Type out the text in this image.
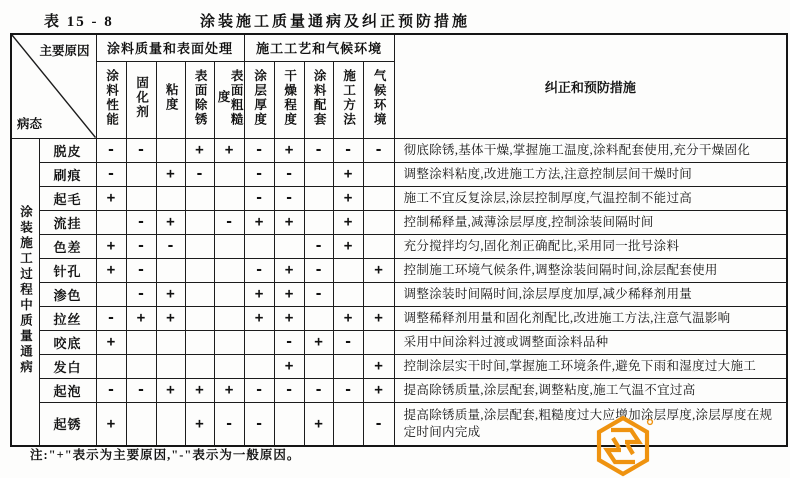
表 15 - 8	涂装施工质量通病及纠正预防措施
主要原因
病态		涂料质量和表面处理					施工工艺和气候环境					纠正和预防措施
		涂料性能	固化剂	粘度	表面除锈	表面粗糙度	涂层厚度	干燥程度	涂料配套	施工方法	气候环境	
涂装施工过程中质量通病	脱皮	-	-		+	+	-	+	-	-	-	彻底除锈,基体干燥,掌握施工温度,涂料配套使用,充分干燥固化
	刷痕	-		+	-		-	-		+		调整涂料粘度,改进施工方法,注意控制层间干燥时间
	起毛	+					-	-		+		施工不宜反复涂层,涂层控制厚度,气温控制不能过高
	流挂		-	+		-	+	+		+		控制稀释量,减薄涂层厚度,控制涂装间隔时间
	色差	+	-	-					-	+		充分搅拌均匀,固化剂正确配比,采用同一批号涂料
	针孔	+	-				-	+	-		+	控制施工环境气候条件,调整涂装间隔时间,涂层配套使用
	渗色		-	+			+	+	-			调整涂装时间隔时间,涂层厚度加厚,减少稀释剂用量
	拉丝	-	+	+			+	+		+	+	调整稀释剂用量和固化剂配比,改进施工方法,注意气温影响
	咬底	+						-	+	-		采用中间涂料过渡或调整面涂料品种
	发白							+			+	控制涂层实干时间,掌握施工环境条件,避免下雨和湿度过大施工
	起泡	-	-	+	+	+	-	-	-	-	+	提高除锈质量,涂层配套,调整粘度,施工气温不宜过高
	起锈	+			+	-	-		+		-	提高除锈质量,涂层配套,粗糙度过大应增加涂层厚度,涂层厚度在规定时间内完成
注:"+"表示为主要原因,"-"表示为一般原因。
